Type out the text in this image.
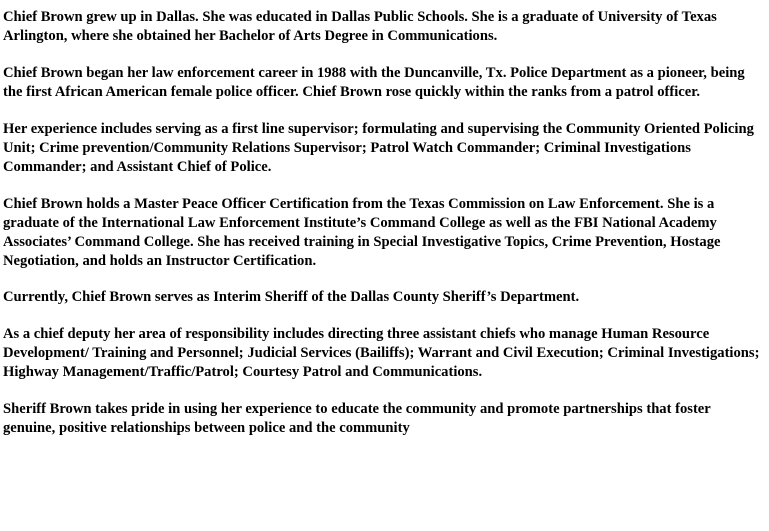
Chief Brown grew up in Dallas. She was educated in Dallas Public Schools. She is a graduate of University of Texas Arlington, where she obtained her Bachelor of Arts Degree in Communications.

Chief Brown began her law enforcement career in 1988 with the Duncanville, Tx. Police Department as a pioneer, being the first African American female police officer. Chief Brown rose quickly within the ranks from a patrol officer.

Her experience includes serving as a first line supervisor; formulating and supervising the Community Oriented Policing Unit; Crime prevention/Community Relations Supervisor; Patrol Watch Commander; Criminal Investigations Commander; and Assistant Chief of Police.

Chief Brown holds a Master Peace Officer Certification from the Texas Commission on Law Enforcement. She is a graduate of the International Law Enforcement Institute’s Command College as well as the FBI National Academy Associates’ Command College. She has received training in Special Investigative Topics, Crime Prevention, Hostage Negotiation, and holds an Instructor Certification.

Currently, Chief Brown serves as Interim Sheriff of the Dallas County Sheriff’s Department.

As a chief deputy her area of responsibility includes directing three assistant chiefs who manage Human Resource Development/ Training and Personnel; Judicial Services (Bailiffs); Warrant and Civil Execution; Criminal Investigations; Highway Management/Traffic/Patrol; Courtesy Patrol and Communications.

Sheriff Brown takes pride in using her experience to educate the community and promote partnerships that foster genuine, positive relationships between police and the community
